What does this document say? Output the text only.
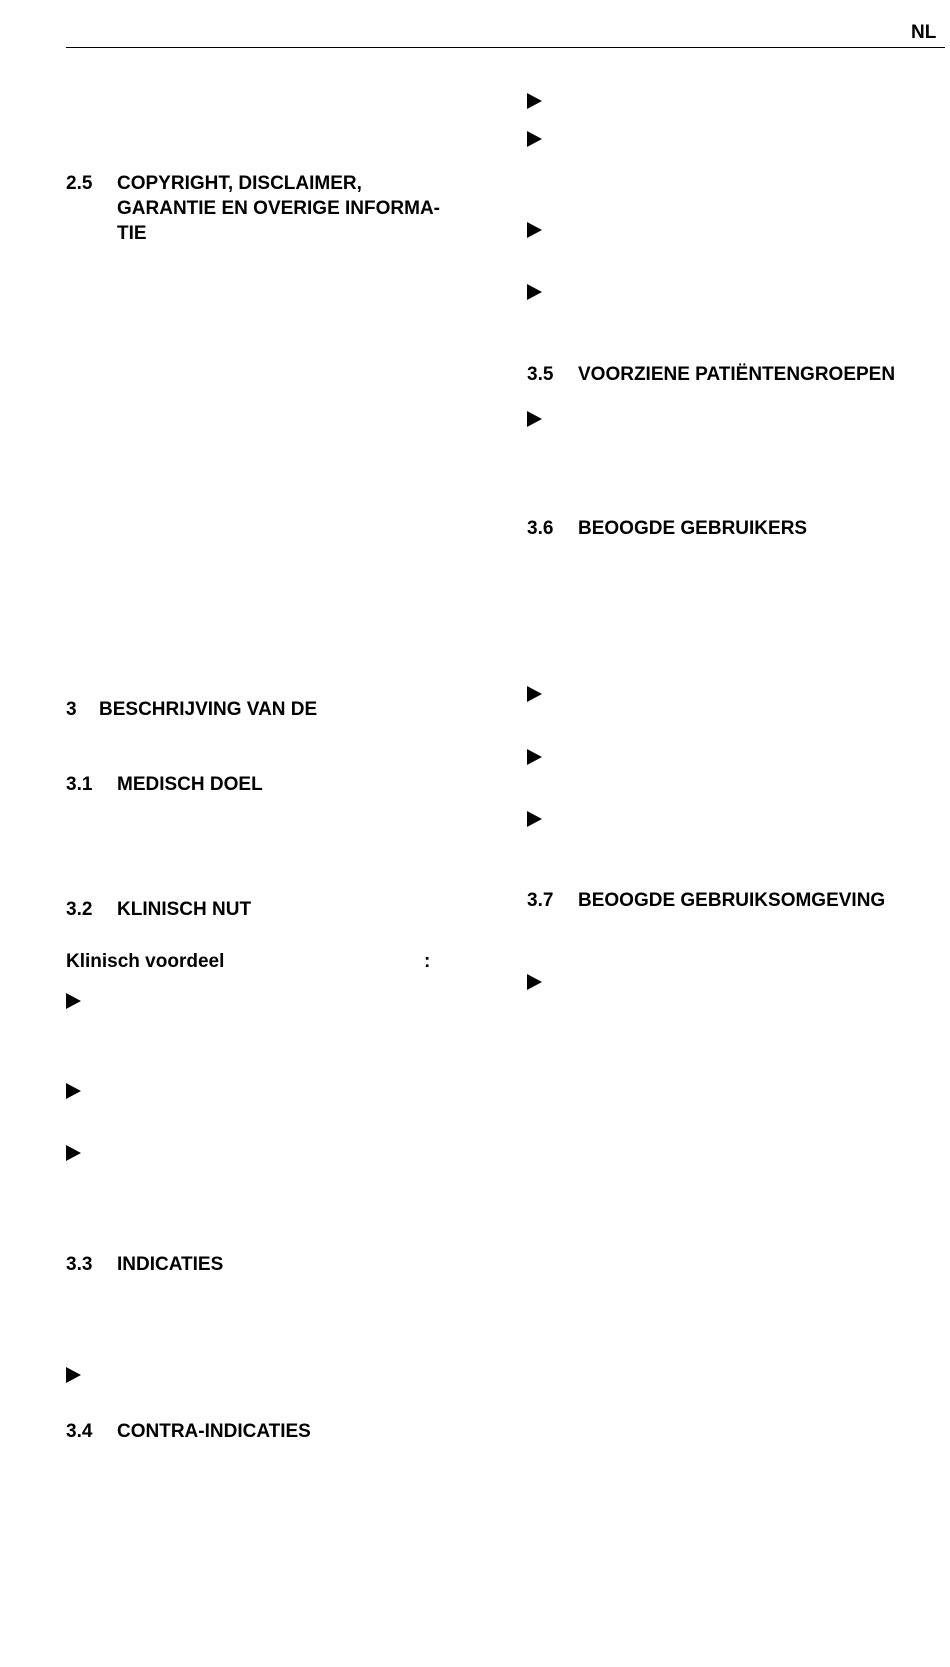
NL
2.5 COPYRIGHT, DISCLAIMER,
GARANTIE EN OVERIGE INFORMA-
TIE
3 BESCHRIJVING VAN DE
3.1 MEDISCH DOEL
3.2 KLINISCH NUT
Klinisch voordeel	:
3.3 INDICATIES
3.4 CONTRA-INDICATIES
3.5 VOORZIENE PATIËNTENGROEPEN
3.6 BEOOGDE GEBRUIKERS
3.7 BEOOGDE GEBRUIKSOMGEVING
